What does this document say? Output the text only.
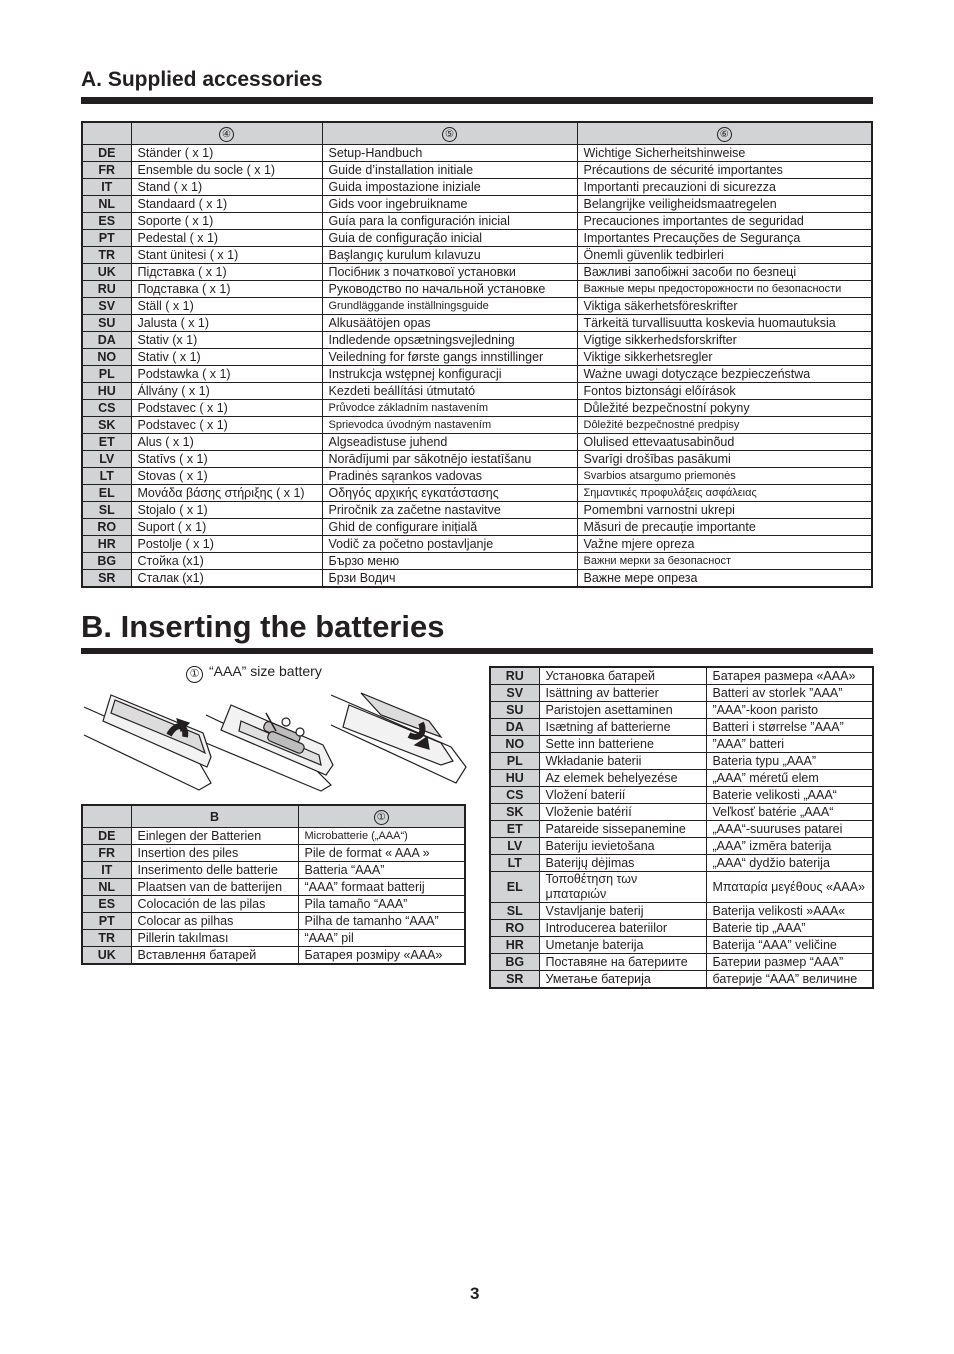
A. Supplied accessories
	④	⑤	⑥
DE	Ständer ( x 1)	Setup-Handbuch	Wichtige Sicherheitshinweise
FR	Ensemble du socle ( x 1)	Guide d’installation initiale	Précautions de sécurité importantes
IT	Stand ( x 1)	Guida impostazione iniziale	Importanti precauzioni di sicurezza
NL	Standaard ( x 1)	Gids voor ingebruikname	Belangrijke veiligheidsmaatregelen
ES	Soporte ( x 1)	Guía para la configuración inicial	Precauciones importantes de seguridad
PT	Pedestal ( x 1)	Guia de configuração inicial	Importantes Precauções de Segurança
TR	Stant ünitesi ( x 1)	Başlangıç kurulum kılavuzu	Önemli güvenlik tedbirleri
UK	Підставка ( x 1)	Посібник з початкової установки	Важливі запобіжні засоби по безпеці
RU	Подставка ( x 1)	Руководство по начальной установке	Важные меры предосторожности по безопасности
SV	Ställ ( x 1)	Grundläggande inställningsguide	Viktiga säkerhetsföreskrifter
SU	Jalusta ( x 1)	Alkusäätöjen opas	Tärkeitä turvallisuutta koskevia huomautuksia
DA	Stativ (x 1)	Indledende opsætningsvejledning	Vigtige sikkerhedsforskrifter
NO	Stativ ( x 1)	Veiledning for første gangs innstillinger	Viktige sikkerhetsregler
PL	Podstawka ( x 1)	Instrukcja wstępnej konfiguracji	Ważne uwagi dotyczące bezpieczeństwa
HU	Állvány ( x 1)	Kezdeti beállítási útmutató	Fontos biztonsági előírások
CS	Podstavec ( x 1)	Průvodce základním nastavením	Důležité bezpečnostní pokyny
SK	Podstavec ( x 1)	Sprievodca úvodným nastavením	Dôležité bezpečnostné predpisy
ET	Alus ( x 1)	Algseadistuse juhend	Olulised ettevaatusabinõud
LV	Statīvs ( x 1)	Norādījumi par sākotnējo iestatīšanu	Svarīgi drošības pasākumi
LT	Stovas ( x 1)	Pradinės sąrankos vadovas	Svarbios atsargumo priemonės
EL	Μονάδα βάσης στήριξης ( x 1)	Οδηγός αρχικής εγκατάστασης	Σημαντικές προφυλάξεις ασφάλειας
SL	Stojalo ( x 1)	Priročnik za začetne nastavitve	Pomembni varnostni ukrepi
RO	Suport ( x 1)	Ghid de configurare inițială	Măsuri de precauție importante
HR	Postolje ( x 1)	Vodič za početno postavljanje	Važne mjere opreza
BG	Стойка (x1)	Бързо меню	Важни мерки за безопасност
SR	Сталак (x1)	Брзи Водич	Важне мере опреза
B. Inserting the batteries
① “AAA” size battery
	B	①
DE	Einlegen der Batterien	Microbatterie („AAA“)
FR	Insertion des piles	Pile de format « AAA »
IT	Inserimento delle batterie	Batteria “AAA”
NL	Plaatsen van de batterijen	“AAA” formaat batterij
ES	Colocación de las pilas	Pila tamaño “AAA”
PT	Colocar as pilhas	Pilha de tamanho “AAA”
TR	Pillerin takılması	“AAA” pil
UK	Вставлення батарей	Батарея розміру «AAA»
RU	Установка батарей	Батарея размера «AAA»
SV	Isättning av batterier	Batteri av storlek ”AAA”
SU	Paristojen asettaminen	”AAA”-koon paristo
DA	Isætning af batterierne	Batteri i størrelse ”AAA”
NO	Sette inn batteriene	”AAA” batteri
PL	Wkładanie baterii	Bateria typu „AAA”
HU	Az elemek behelyezése	„AAA” méretű elem
CS	Vložení baterií	Baterie velikosti „AAA“
SK	Vloženie batérií	Veľkosť batérie „AAA“
ET	Patareide sissepanemine	„AAA“-suuruses patarei
LV	Bateriju ievietošana	„AAA” izmēra baterija
LT	Baterijų dėjimas	„AAA“ dydžio baterija
EL	Τοποθέτηση των μπαταριών	Μπαταρία μεγέθους «AAA»
SL	Vstavljanje baterij	Baterija velikosti »AAA«
RO	Introducerea bateriilor	Baterie tip „AAA”
HR	Umetanje baterija	Baterija “AAA” veličine
BG	Поставяне на батериите	Батерии размер “AAA”
SR	Уметање батерија	батерије “AAA” величине
3
